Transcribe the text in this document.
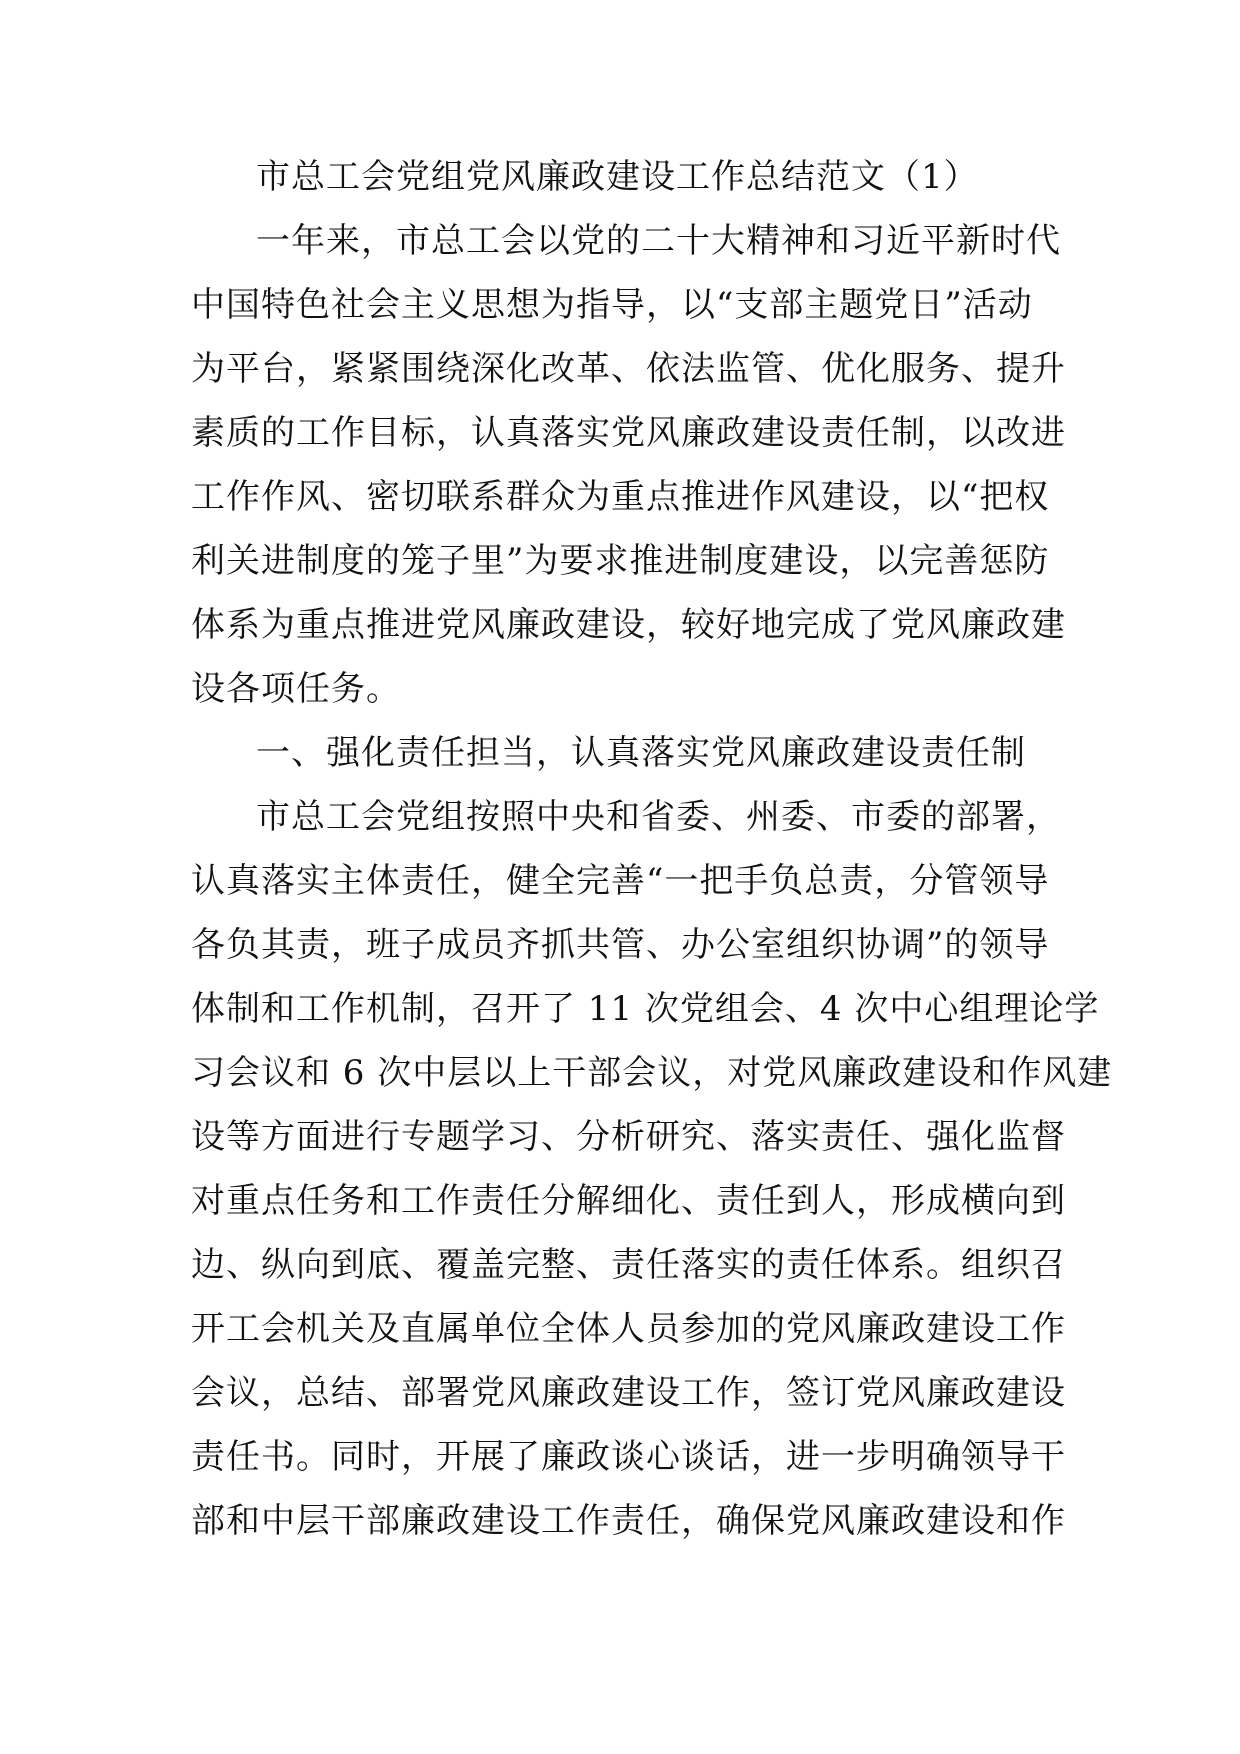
市总工会党组党风廉政建设工作总结范文（1）
一年来，市总工会以党的二十大精神和习近平新时代
中国特色社会主义思想为指导，以“支部主题党日”活动
为平台，紧紧围绕深化改革、依法监管、优化服务、提升
素质的工作目标，认真落实党风廉政建设责任制，以改进
工作作风、密切联系群众为重点推进作风建设，以“把权
利关进制度的笼子里”为要求推进制度建设，以完善惩防
体系为重点推进党风廉政建设，较好地完成了党风廉政建
设各项任务。
一、强化责任担当，认真落实党风廉政建设责任制
市总工会党组按照中央和省委、州委、市委的部署，
认真落实主体责任，健全完善“一把手负总责，分管领导
各负其责，班子成员齐抓共管、办公室组织协调”的领导
体制和工作机制，召开了 11 次党组会、4 次中心组理论学
习会议和 6 次中层以上干部会议，对党风廉政建设和作风建
设等方面进行专题学习、分析研究、落实责任、强化监督
对重点任务和工作责任分解细化、责任到人，形成横向到
边、纵向到底、覆盖完整、责任落实的责任体系。组织召
开工会机关及直属单位全体人员参加的党风廉政建设工作
会议，总结、部署党风廉政建设工作，签订党风廉政建设
责任书。同时，开展了廉政谈心谈话，进一步明确领导干
部和中层干部廉政建设工作责任，确保党风廉政建设和作
